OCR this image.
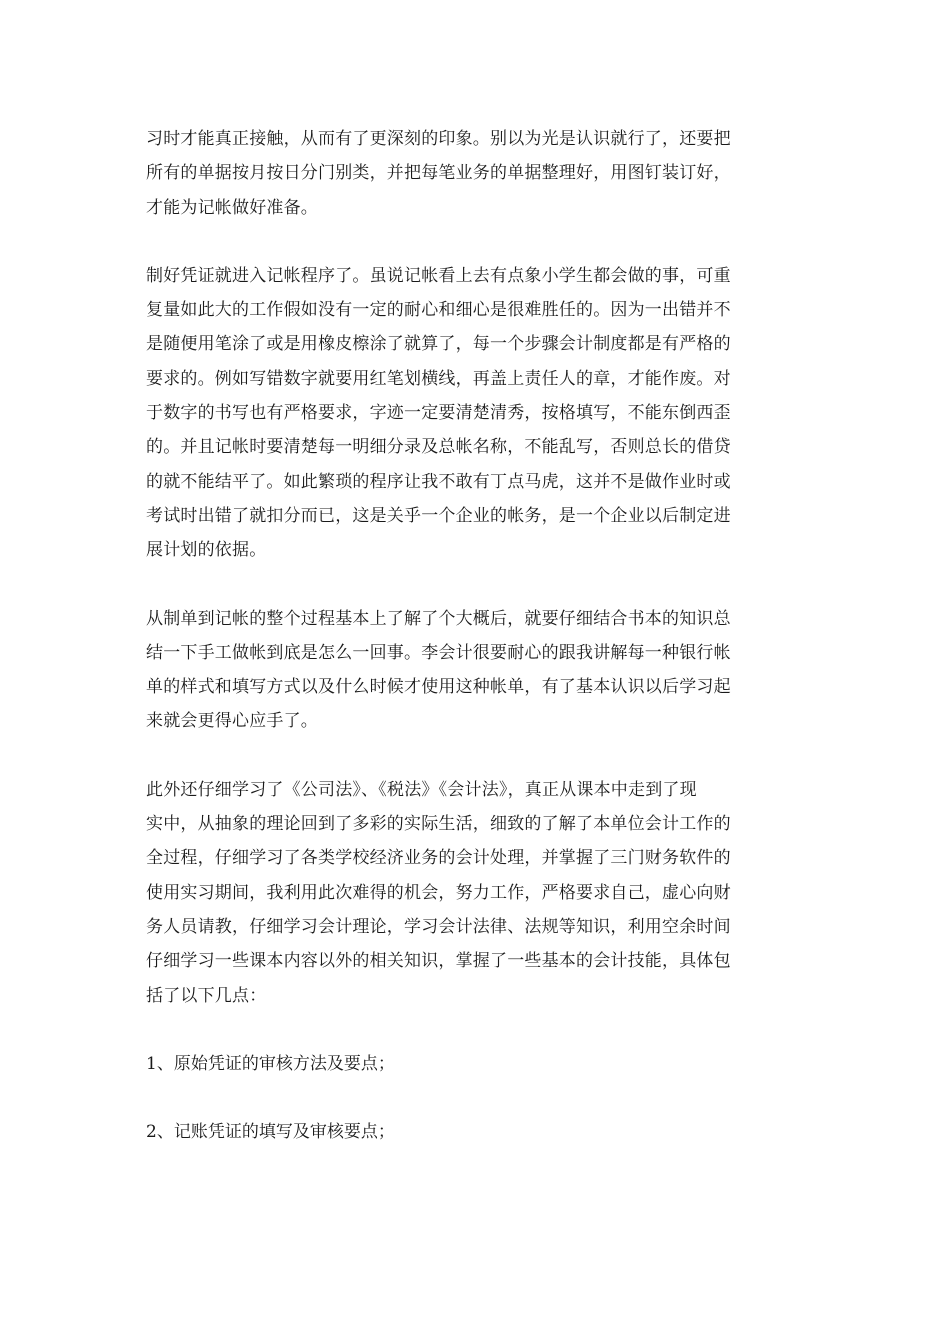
习时才能真正接触，从而有了更深刻的印象。别以为光是认识就行了，还要把
所有的单据按月按日分门别类，并把每笔业务的单据整理好，用图钉装订好，
才能为记帐做好准备。

制好凭证就进入记帐程序了。虽说记帐看上去有点象小学生都会做的事，可重
复量如此大的工作假如没有一定的耐心和细心是很难胜任的。因为一出错并不
是随便用笔涂了或是用橡皮檫涂了就算了，每一个步骤会计制度都是有严格的
要求的。例如写错数字就要用红笔划横线，再盖上责任人的章，才能作废。对
于数字的书写也有严格要求，字迹一定要清楚清秀，按格填写，不能东倒西歪
的。并且记帐时要清楚每一明细分录及总帐名称，不能乱写，否则总长的借贷
的就不能结平了。如此繁琐的程序让我不敢有丁点马虎，这并不是做作业时或
考试时出错了就扣分而已，这是关乎一个企业的帐务，是一个企业以后制定进
展计划的依据。

从制单到记帐的整个过程基本上了解了个大概后，就要仔细结合书本的知识总
结一下手工做帐到底是怎么一回事。李会计很要耐心的跟我讲解每一种银行帐
单的样式和填写方式以及什么时候才使用这种帐单，有了基本认识以后学习起
来就会更得心应手了。

此外还仔细学习了《公司法》、《税法》《会计法》，真正从课本中走到了现
实中，从抽象的理论回到了多彩的实际生活，细致的了解了本单位会计工作的
全过程，仔细学习了各类学校经济业务的会计处理，并掌握了三门财务软件的
使用实习期间，我利用此次难得的机会，努力工作，严格要求自己，虚心向财
务人员请教，仔细学习会计理论，学习会计法律、法规等知识，利用空余时间
仔细学习一些课本内容以外的相关知识，掌握了一些基本的会计技能，具体包
括了以下几点：

1、原始凭证的审核方法及要点；

2、记账凭证的填写及审核要点；
